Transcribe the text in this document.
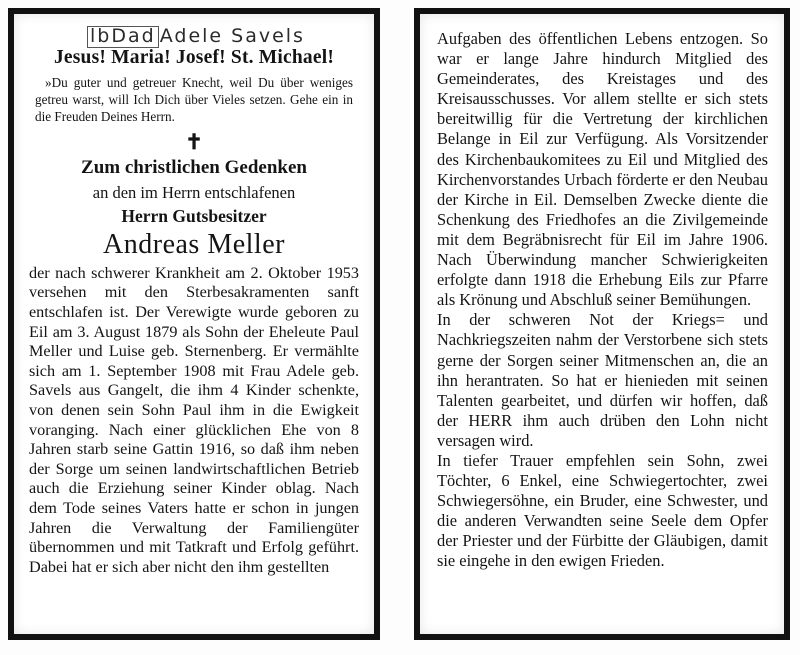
lbDad Adele Savels
Jesus! Maria! Josef! St. Michael!
»Du guter und getreuer Knecht, weil Du über weniges getreu warst, will Ich Dich über Vieles setzen. Gehe ein in die Freuden Deines Herrn.
✝
Zum christlichen Gedenken
an den im Herrn entschlafenen
Herrn Gutsbesitzer
Andreas Meller

der nach schwerer Krankheit am 2. Oktober 1953 versehen mit den Sterbesakramenten sanft entschlafen ist. Der Verewigte wurde geboren zu Eil am 3. August 1879 als Sohn der Eheleute Paul Meller und Luise geb. Sternenberg. Er vermählte sich am 1. September 1908 mit Frau Adele geb. Savels aus Gangelt, die ihm 4 Kinder schenkte, von denen sein Sohn Paul ihm in die Ewigkeit voranging. Nach einer glücklichen Ehe von 8 Jahren starb seine Gattin 1916, so daß ihm neben der Sorge um seinen landwirtschaftlichen Betrieb auch die Erziehung seiner Kinder oblag. Nach dem Tode seines Vaters hatte er schon in jungen Jahren die Verwaltung der Familiengüter übernommen und mit Tatkraft und Erfolg geführt. Dabei hat er sich aber nicht den ihm gestellten

Aufgaben des öffentlichen Lebens entzogen. So war er lange Jahre hindurch Mitglied des Gemeinderates, des Kreistages und des Kreisausschusses. Vor allem stellte er sich stets bereitwillig für die Vertretung der kirchlichen Belange in Eil zur Verfügung. Als Vorsitzender des Kirchenbaukomitees zu Eil und Mitglied des Kirchenvorstandes Urbach förderte er den Neubau der Kirche in Eil. Demselben Zwecke diente die Schenkung des Friedhofes an die Zivilgemeinde mit dem Begräbnisrecht für Eil im Jahre 1906. Nach Überwindung mancher Schwierigkeiten erfolgte dann 1918 die Erhebung Eils zur Pfarre als Krönung und Abschluß seiner Bemühungen.

In der schweren Not der Kriegs= und Nachkriegszeiten nahm der Verstorbene sich stets gerne der Sorgen seiner Mitmenschen an, die an ihn herantraten. So hat er hienieden mit seinen Talenten gearbeitet, und dürfen wir hoffen, daß der HERR ihm auch drüben den Lohn nicht versagen wird.

In tiefer Trauer empfehlen sein Sohn, zwei Töchter, 6 Enkel, eine Schwiegertochter, zwei Schwiegersöhne, ein Bruder, eine Schwester, und die anderen Verwandten seine Seele dem Opfer der Priester und der Fürbitte der Gläubigen, damit sie eingehe in den ewigen Frieden.
